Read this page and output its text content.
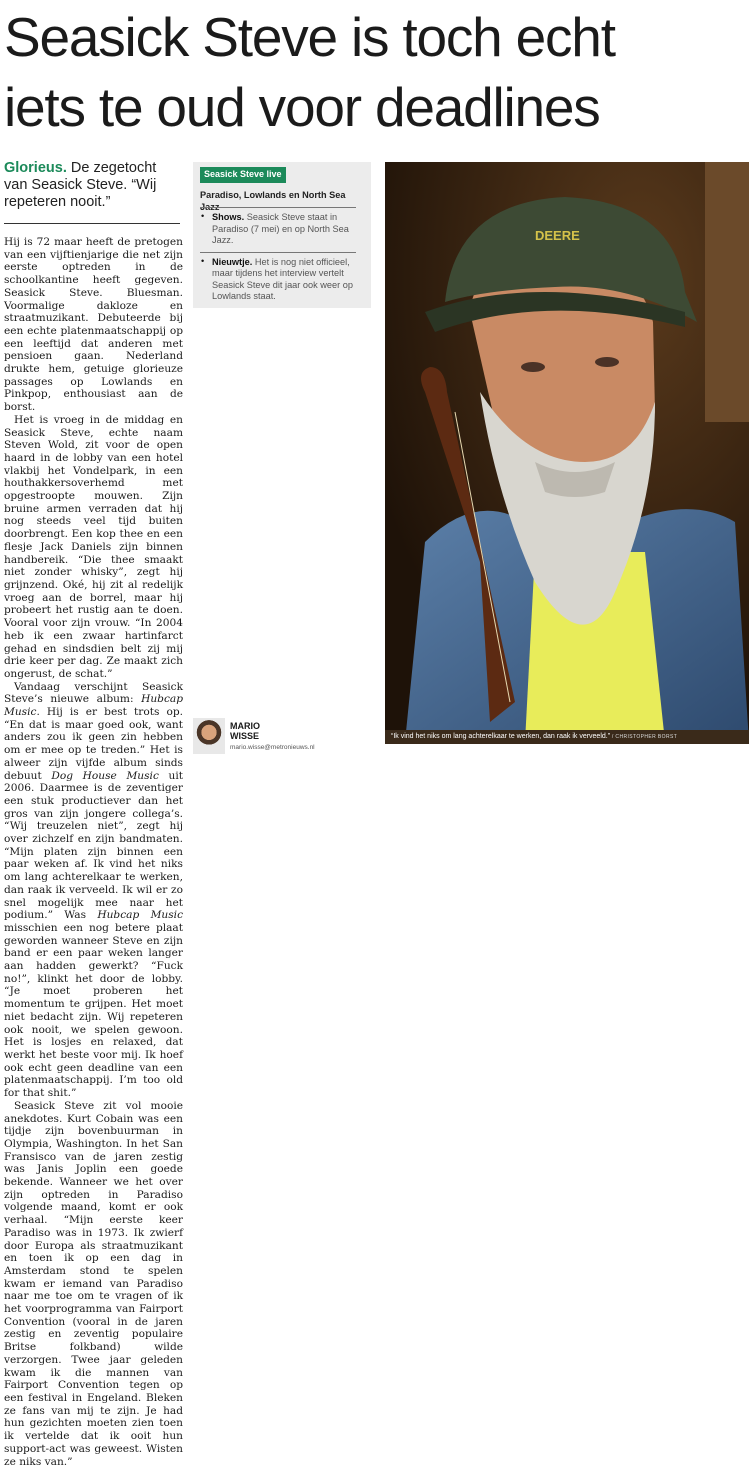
Seasick Steve is toch echt
iets te oud voor deadlines
Glorieus. De zegetocht van Seasick Steve. “Wij repeteren nooit.”
Seasick Steve live
Paradiso, Lowlands en North Sea Jazz
• Shows. Seasick Steve staat in Paradiso (7 mei) en op North Sea Jazz.
• Nieuwtje. Het is nog niet officieel, maar tijdens het interview vertelt Seasick Steve dit jaar ook weer op Lowlands staat.

Hij is 72 maar heeft de pretogen van een vijftienjarige die net zijn eerste optreden in de schoolkantine heeft gegeven. Seasick Steve. Bluesman. Voormalige dakloze en straatmuzikant. Debuteerde bij een echte platenmaatschappij op een leeftijd dat anderen met pensioen gaan. Nederland drukte hem, getuige glorieuze passages op Lowlands en Pinkpop, enthousiast aan de borst.

Het is vroeg in de middag en Seasick Steve, echte naam Steven Wold, zit voor de open haard in de lobby van een hotel vlakbij het Vondelpark, in een houthakkersoverhemd met opgestroopte mouwen. Zijn bruine armen verraden dat hij nog steeds veel tijd buiten doorbrengt. Een kop thee en een flesje Jack Daniels zijn binnen handbereik. “Die thee smaakt niet zonder whisky”, zegt hij grijnzend. Oké, hij zit al redelijk vroeg aan de borrel, maar hij probeert het rustig aan te doen. Vooral voor zijn vrouw. “In 2004 heb ik een zwaar hartinfarct gehad en sindsdien belt zij mij drie keer per dag. Ze maakt zich ongerust, de schat.”

Vandaag verschijnt Seasick Steve’s nieuwe album: Hubcap Music. Hij is er best trots op. “En dat is maar goed ook, want anders zou ik geen zin hebben om er mee op te treden.” Het is alweer zijn vijfde album sinds debuut Dog House Music uit 2006. Daarmee is de zeventiger een stuk productiever dan het gros van zijn jongere collega’s. “Wij treuzelen niet”, zegt hij over zichzelf en zijn bandmaten. “Mijn platen zijn binnen een paar weken af. Ik vind het niks om lang achterelkaar te werken, dan raak ik verveeld. Ik wil er zo snel mogelijk mee naar het podium.” Was Hubcap Music misschien een nog betere plaat geworden wanneer Steve en zijn band er een paar weken langer aan hadden gewerkt? “Fuck no!”, klinkt het door de lobby. “Je moet proberen het momentum te grijpen. Het moet niet bedacht zijn. Wij repeteren ook nooit, we spelen gewoon. Het is losjes en relaxed, dat werkt het beste voor mij. Ik hoef ook echt geen deadline van een platenmaatschappij. I’m too old for that shit.”

Seasick Steve zit vol mooie anekdotes. Kurt Cobain was een tijdje zijn bovenbuurman in Olympia, Washington. In het San Fransisco van de jaren zestig was Janis Joplin een goede bekende. Wanneer we het over zijn optreden in Paradiso volgende maand, komt er ook verhaal. “Mijn eerste keer Paradiso was in 1973. Ik zwierf door Europa als straatmuzikant en toen ik op een dag in Amsterdam stond te spelen kwam er iemand van Paradiso naar me toe om te vragen of ik het voorprogramma van Fairport Convention (vooral in de jaren zestig en zeventig populaire Britse folkband) wilde verzorgen. Twee jaar geleden kwam ik die mannen van Fairport Convention tegen op een festival in Engeland. Bleken ze fans van mij te zijn. Je had hun gezichten moeten zien toen ik vertelde dat ik ooit hun support-act was geweest. Wisten ze niks van.”

MARIO WISSE
mario.wisse@metronieuws.nl
DEERE
“Ik vind het niks om lang achterelkaar te werken, dan raak ik verveeld.” / CHRISTOPHER BORST
